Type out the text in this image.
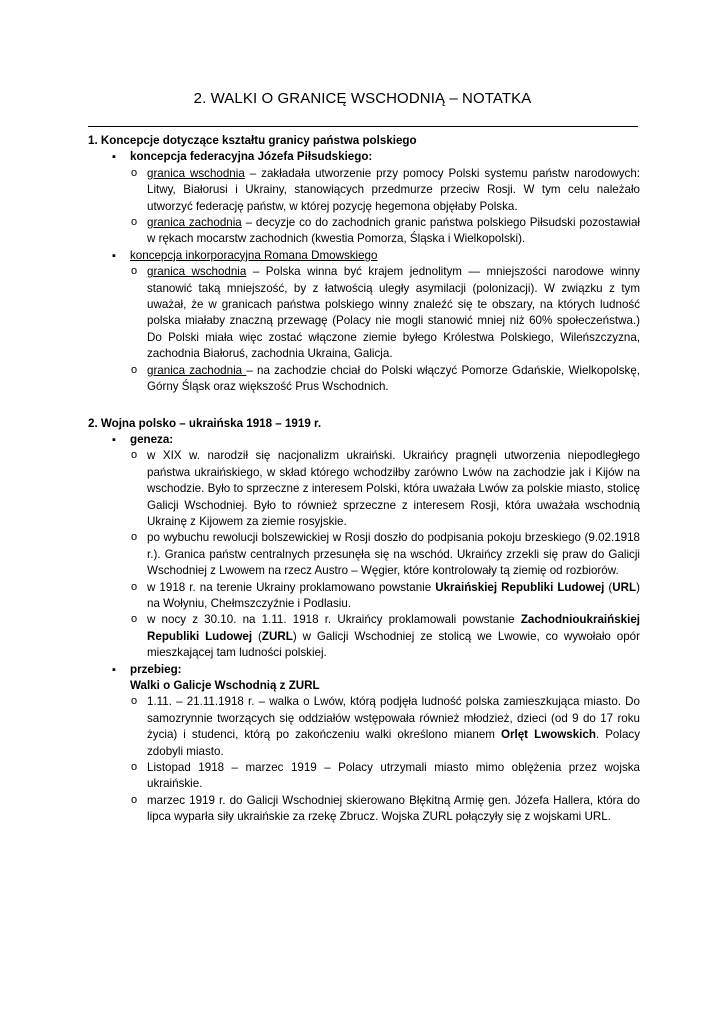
2. WALKI O GRANICĘ WSCHODNIĄ – NOTATKA

1. Koncepcje dotyczące kształtu granicy państwa polskiego

▪ koncepcja federacyjna Józefa Piłsudskiego:
o granica wschodnia – zakładała utworzenie przy pomocy Polski systemu państw narodowych: Litwy, Białorusi i Ukrainy, stanowiących przedmurze przeciw Rosji. W tym celu należało utworzyć federację państw, w której pozycję hegemona objęłaby Polska.
o granica zachodnia – decyzje co do zachodnich granic państwa polskiego Piłsudski pozostawiał w rękach mocarstw zachodnich (kwestia Pomorza, Śląska i Wielkopolski).
▪ koncepcja inkorporacyjna Romana Dmowskiego
o granica wschodnia – Polska winna być krajem jednolitym — mniejszości narodowe winny stanowić taką mniejszość, by z łatwością uległy asymilacji (polonizacji). W związku z tym uważał, że w granicach państwa polskiego winny znaleźć się te obszary, na których ludność polska miałaby znaczną przewagę (Polacy nie mogli stanowić mniej niż 60% społeczeństwa.) Do Polski miała więc zostać włączone ziemie byłego Królestwa Polskiego, Wileńszczyzna, zachodnia Białoruś, zachodnia Ukraina, Galicja.
o granica zachodnia – na zachodzie chciał do Polski włączyć Pomorze Gdańskie, Wielkopolskę, Górny Śląsk oraz większość Prus Wschodnich.

2. Wojna polsko – ukraińska 1918 – 1919 r.

▪ geneza:
o w XIX w. narodził się nacjonalizm ukraiński. Ukraińcy pragnęli utworzenia niepodległego państwa ukraińskiego, w skład którego wchodziłby zarówno Lwów na zachodzie jak i Kijów na wschodzie. Było to sprzeczne z interesem Polski, która uważała Lwów za polskie miasto, stolicę Galicji Wschodniej. Było to również sprzeczne z interesem Rosji, która uważała wschodnią Ukrainę z Kijowem za ziemie rosyjskie.
o po wybuchu rewolucji bolszewickiej w Rosji doszło do podpisania pokoju brzeskiego (9.02.1918 r.). Granica państw centralnych przesunęła się na wschód. Ukraińcy zrzekli się praw do Galicji Wschodniej z Lwowem na rzecz Austro – Węgier, które kontrolowały tą ziemię od rozbiorów.
o w 1918 r. na terenie Ukrainy proklamowano powstanie Ukraińskiej Republiki Ludowej (URL) na Wołyniu, Chełmszczyźnie i Podlasiu.
o w nocy z 30.10. na 1.11. 1918 r. Ukraińcy proklamowali powstanie Zachodnioukraińskiej Republiki Ludowej (ZURL) w Galicji Wschodniej ze stolicą we Lwowie, co wywołało opór mieszkającej tam ludności polskiej.
▪ przebieg:
Walki o Galicje Wschodnią z ZURL
o 1.11. – 21.11.1918 r. – walka o Lwów, którą podjęła ludność polska zamieszkująca miasto. Do samozrynnie tworzących się oddziałów wstępowała również młodzież, dzieci (od 9 do 17 roku życia) i studenci, którą po zakończeniu walki określono mianem Orlęt Lwowskich. Polacy zdobyli miasto.
o Listopad 1918 – marzec 1919 – Polacy utrzymali miasto mimo oblężenia przez wojska ukraińskie.
o marzec 1919 r. do Galicji Wschodniej skierowano Błękitną Armię gen. Józefa Hallera, która do lipca wyparła siły ukraińskie za rzekę Zbrucz. Wojska ZURL połączyły się z wojskami URL.
